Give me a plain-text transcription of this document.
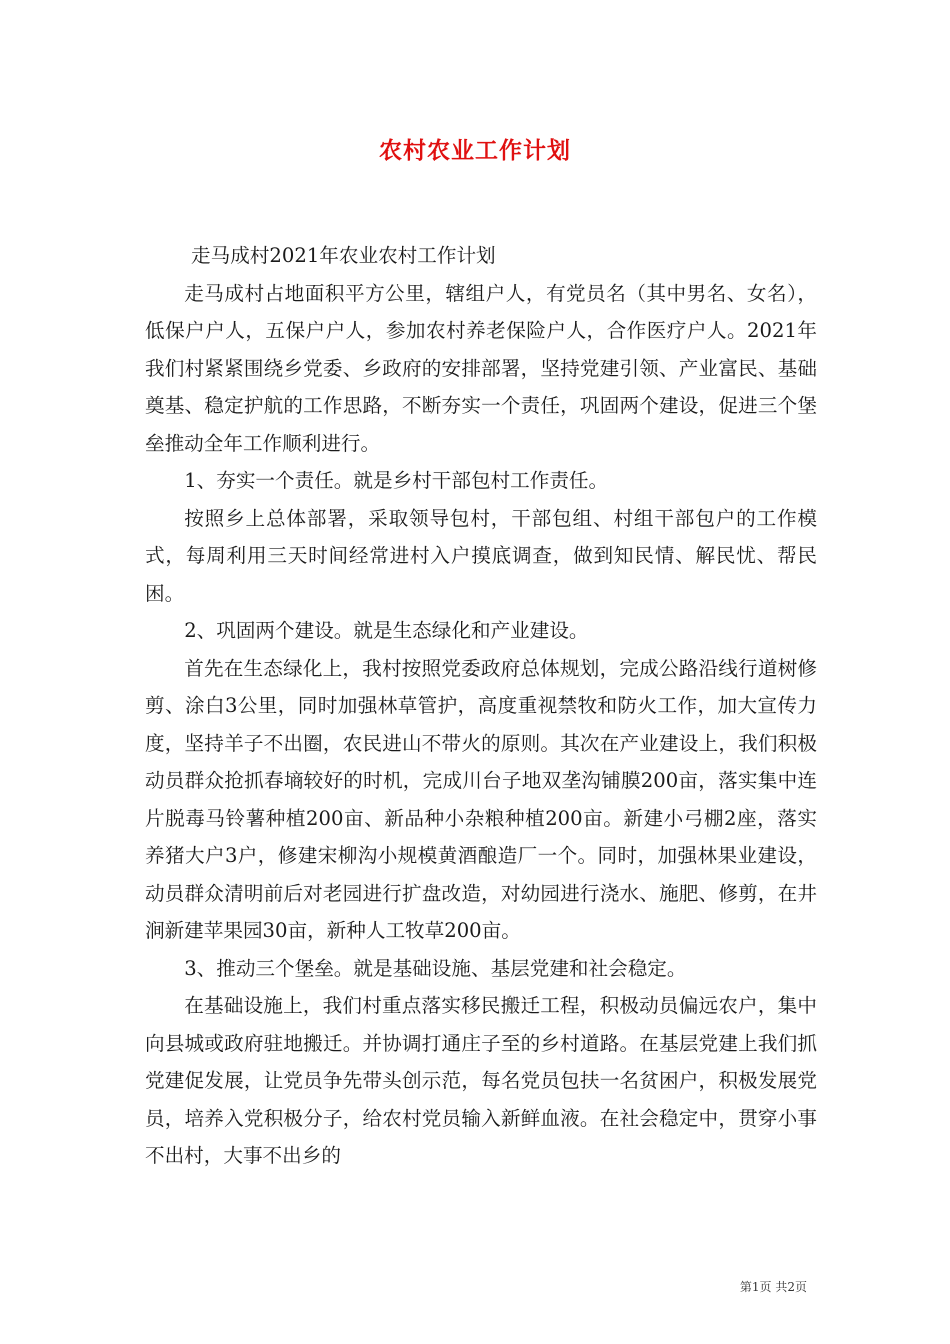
农村农业工作计划

走马成村2021年农业农村工作计划

走马成村占地面积平方公里，辖组户人，有党员名（其中男名、女名），低保户户人，五保户户人，参加农村养老保险户人，合作医疗户人。2021年我们村紧紧围绕乡党委、乡政府的安排部署，坚持党建引领、产业富民、基础奠基、稳定护航的工作思路，不断夯实一个责任，巩固两个建设，促进三个堡垒推动全年工作顺利进行。

1、夯实一个责任。就是乡村干部包村工作责任。

按照乡上总体部署，采取领导包村，干部包组、村组干部包户的工作模式，每周利用三天时间经常进村入户摸底调查，做到知民情、解民忧、帮民困。

2、巩固两个建设。就是生态绿化和产业建设。

首先在生态绿化上，我村按照党委政府总体规划，完成公路沿线行道树修剪、涂白3公里，同时加强林草管护，高度重视禁牧和防火工作，加大宣传力度，坚持羊子不出圈，农民进山不带火的原则。其次在产业建设上，我们积极动员群众抢抓春墒较好的时机，完成川台子地双垄沟铺膜200亩，落实集中连片脱毒马铃薯种植200亩、新品种小杂粮种植200亩。新建小弓棚2座，落实养猪大户3户，修建宋柳沟小规模黄酒酿造厂一个。同时，加强林果业建设，动员群众清明前后对老园进行扩盘改造，对幼园进行浇水、施肥、修剪，在井涧新建苹果园30亩，新种人工牧草200亩。

3、推动三个堡垒。就是基础设施、基层党建和社会稳定。

在基础设施上，我们村重点落实移民搬迁工程，积极动员偏远农户，集中向县城或政府驻地搬迁。并协调打通庄子至的乡村道路。在基层党建上我们抓党建促发展，让党员争先带头创示范，每名党员包扶一名贫困户，积极发展党员，培养入党积极分子，给农村党员输入新鲜血液。在社会稳定中，贯穿小事不出村，大事不出乡的

第1页 共2页
